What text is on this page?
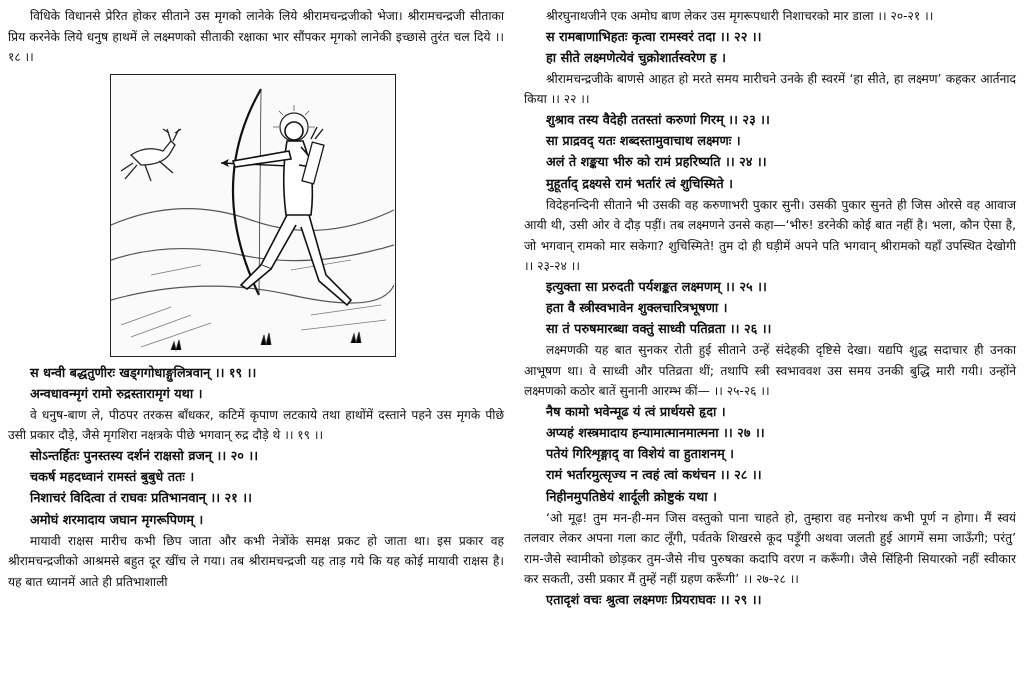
विधिके विधानसे प्रेरित होकर सीताने उस मृगको लानेके लिये श्रीरामचन्द्रजीको भेजा। श्रीरामचन्द्रजी सीताका प्रिय करनेके लिये धनुष हाथमें ले लक्ष्मणको सीताकी रक्षाका भार सौंपकर मृगको लानेकी इच्छासे तुरंत चल दिये ।। १८ ।।

स धन्वी बद्धतुणीरः खड्गगोधाङ्गुलित्रवान् ।। १९ ।।
अन्वधावन्मृगं रामो रुद्रस्तारामृगं यथा ।

वे धनुष-बाण ले, पीठपर तरकस बाँधकर, कटिमें कृपाण लटकाये तथा हाथोंमें दस्ताने पहने उस मृगके पीछे उसी प्रकार दौड़े, जैसे मृगशिरा नक्षत्रके पीछे भगवान् रुद्र दौड़े थे ।। १९ ।।

सोऽन्तर्हितः पुनस्तस्य दर्शनं राक्षसो व्रजन् ।। २० ।।
चकर्ष महदध्वानं रामस्तं बुबुधे ततः ।
निशाचरं विदित्वा तं राघवः प्रतिभानवान् ।। २१ ।।
अमोघं शरमादाय जघान मृगरूपिणम् ।

मायावी राक्षस मारीच कभी छिप जाता और कभी नेत्रोंके समक्ष प्रकट हो जाता था। इस प्रकार वह श्रीरामचन्द्रजीको आश्रमसे बहुत दूर खींच ले गया। तब श्रीरामचन्द्रजी यह ताड़ गये कि यह कोई मायावी राक्षस है। यह बात ध्यानमें आते ही प्रतिभाशाली

श्रीरघुनाथजीने एक अमोघ बाण लेकर उस मृगरूपधारी निशाचरको मार डाला ।। २०-२१ ।।

स रामबाणाभिहतः कृत्वा रामस्वरं तदा ।। २२ ।।
हा सीते लक्ष्मणेत्येवं चुक्रोशार्तस्वरेण ह ।

श्रीरामचन्द्रजीके बाणसे आहत हो मरते समय मारीचने उनके ही स्वरमें ‘हा सीते, हा लक्ष्मण’ कहकर आर्तनाद किया ।। २२ ।।

शुश्राव तस्य वैदेही ततस्तां करुणां गिरम् ।। २३ ।।
सा प्राद्रवद् यतः शब्दस्तामुवाचाथ लक्ष्मणः ।
अलं ते शङ्कया भीरु को रामं प्रहरिष्यति ।। २४ ।।
मुहूर्ताद् द्रक्ष्यसे रामं भर्तारं त्वं शुचिस्मिते ।

विदेहनन्दिनी सीताने भी उसकी वह करुणाभरी पुकार सुनी। उसकी पुकार सुनते ही जिस ओरसे वह आवाज आयी थी, उसी ओर वे दौड़ पड़ीं। तब लक्ष्मणने उनसे कहा—‘भीरु! डरनेकी कोई बात नहीं है। भला, कौन ऐसा है, जो भगवान् रामको मार सकेगा? शुचिस्मिते! तुम दो ही घड़ीमें अपने पति भगवान् श्रीरामको यहाँ उपस्थित देखोगी ।। २३-२४ ।।

इत्युक्ता सा प्ररुदती पर्यशङ्कत लक्ष्मणम् ।। २५ ।।
हता वै स्त्रीस्वभावेन शुक्लचारित्रभूषणा ।
सा तं परुषमारब्धा वक्तुं साध्वी पतिव्रता ।। २६ ।।

लक्ष्मणकी यह बात सुनकर रोती हुई सीताने उन्हें संदेहकी दृष्टिसे देखा। यद्यपि शुद्ध सदाचार ही उनका आभूषण था। वे साध्वी और पतिव्रता थीं; तथापि स्त्री स्वभाववश उस समय उनकी बुद्धि मारी गयी। उन्होंने लक्ष्मणको कठोर बातें सुनानी आरम्भ कीं— ।। २५-२६ ।।

नैष कामो भवेन्मूढ यं त्वं प्रार्थयसे हृदा ।
अप्यहं शस्त्रमादाय हन्यामात्मानमात्मना ।। २७ ।।
पतेयं गिरिशृङ्गाद् वा विशेयं वा हुताशनम् ।
रामं भर्तारमुत्सृज्य न त्वहं त्वां कथंचन ।। २८ ।।
निहीनमुपतिष्ठेयं शार्दूली क्रोष्टुकं यथा ।

‘ओ मूढ़! तुम मन-ही-मन जिस वस्तुको पाना चाहते हो, तुम्हारा वह मनोरथ कभी पूर्ण न होगा। मैं स्वयं तलवार लेकर अपना गला काट लूँगी, पर्वतके शिखरसे कूद पड़ूँगी अथवा जलती हुई आगमें समा जाऊँगी; परंतु’ राम-जैसे स्वामीको छोड़कर तुम-जैसे नीच पुरुषका कदापि वरण न करूँगी। जैसे सिंहिनी सियारको नहीं स्वीकार कर सकती, उसी प्रकार मैं तुम्हें नहीं ग्रहण करूँगी’ ।। २७-२८ ।।

एतादृशं वचः श्रुत्वा लक्ष्मणः प्रियराघवः ।। २९ ।।
